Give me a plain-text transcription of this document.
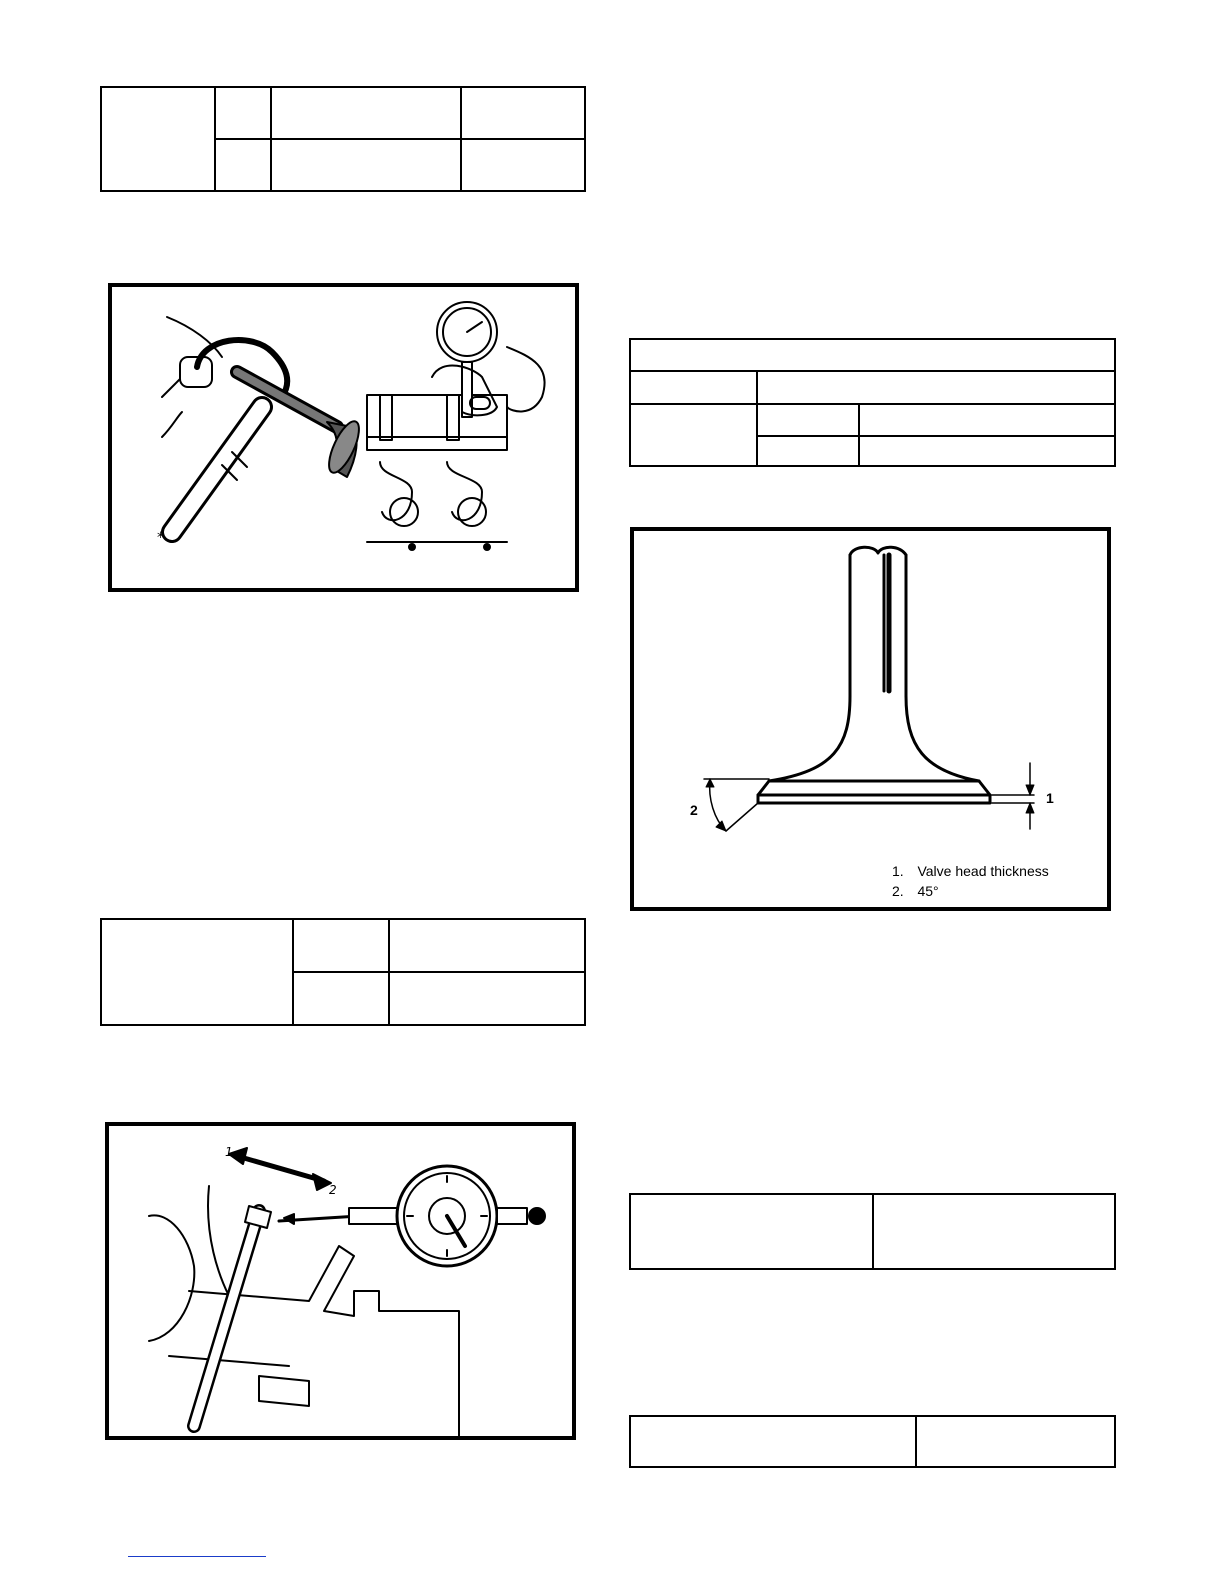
*

1
2

1
2
1. Valve head thickness
2. 45°
